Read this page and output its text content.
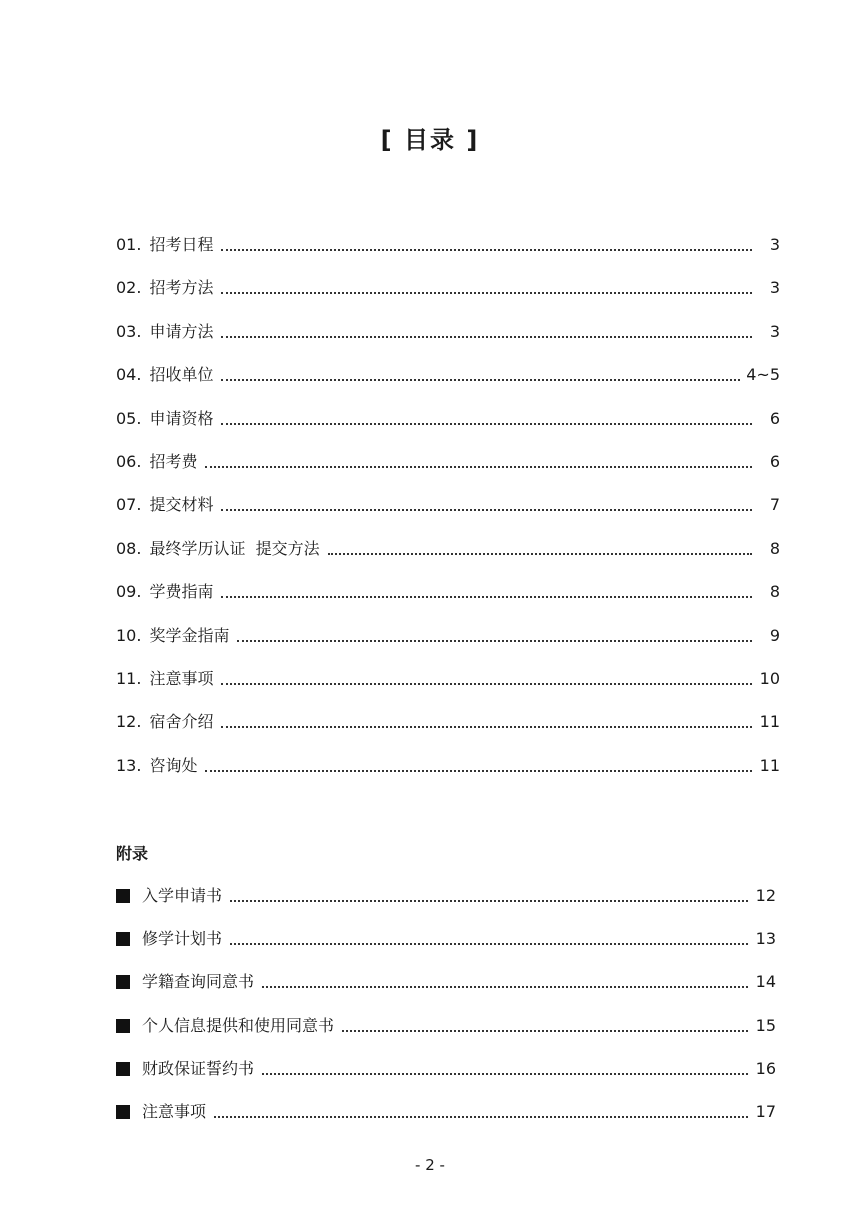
[ 目录 ]
01. 招考日程	3
02. 招考方法	3
03. 申请方法	3
04. 招收单位	4~5
05. 申请资格	6
06. 招考费	6
07. 提交材料	7
08. 最终学历认证  提交方法	8
09. 学费指南	8
10. 奖学金指南	9
11. 注意事项	10
12. 宿舍介绍	11
13. 咨询处	11
附录
入学申请书	12
修学计划书	13
学籍查询同意书	14
个人信息提供和使用同意书	15
财政保证誓约书	16
注意事项	17
- 2 -
